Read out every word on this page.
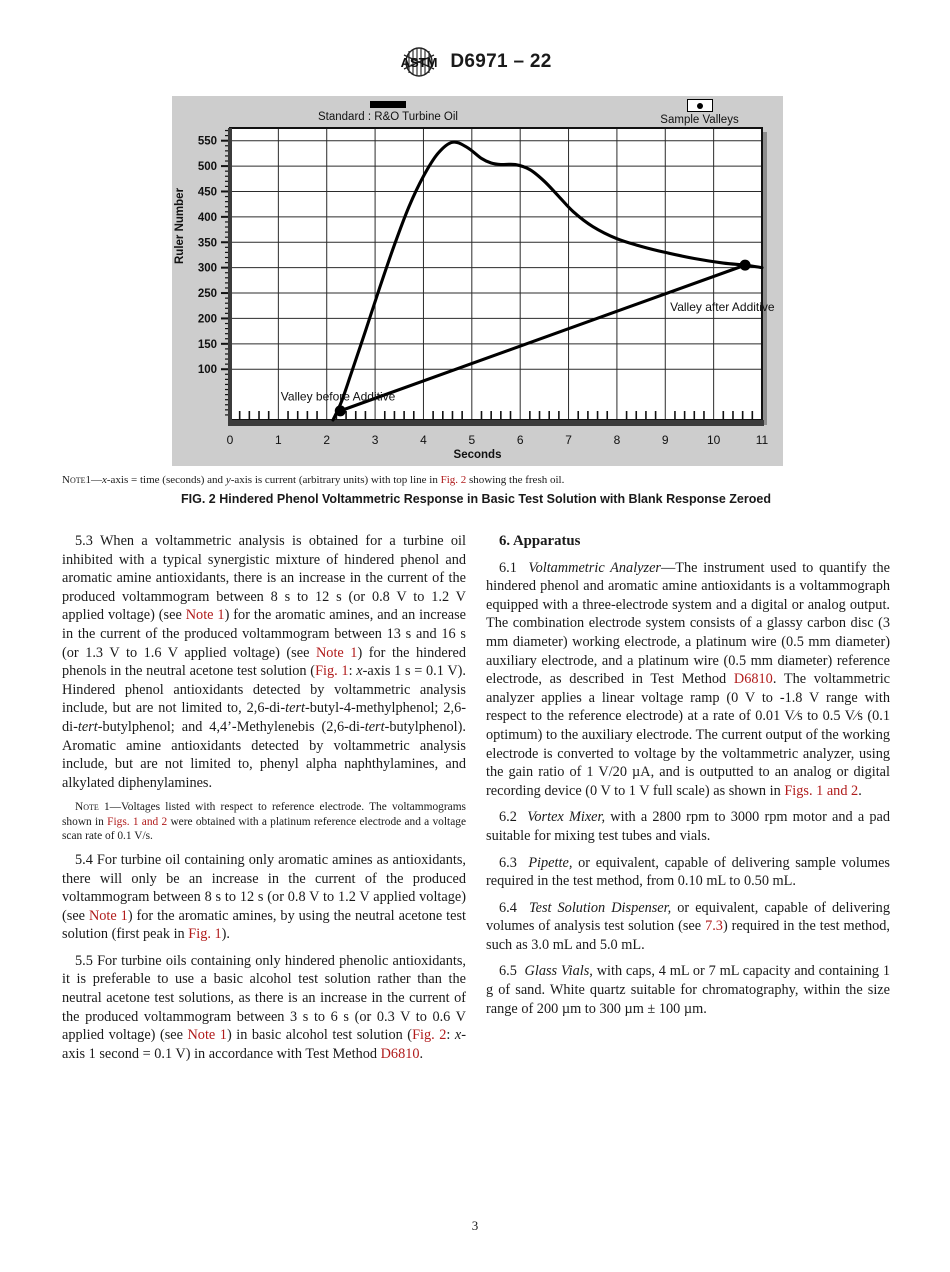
ASTM D6971 – 22
Standard : R&O Turbine Oil	Sample Valleys
Ruler Number
Seconds
100
150
200
250
300
350
400
450
500
550
0	1	2	3	4	5	6	7	8	9	10	11
Valley before Additive
Valley after Additive
Note1—x-axis = time (seconds) and y-axis is current (arbitrary units) with top line in Fig. 2 showing the fresh oil.
FIG. 2 Hindered Phenol Voltammetric Response in Basic Test Solution with Blank Response Zeroed

5.3 When a voltammetric analysis is obtained for a turbine oil inhibited with a typical synergistic mixture of hindered phenol and aromatic amine antioxidants, there is an increase in the current of the produced voltammogram between 8 s to 12 s (or 0.8 V to 1.2 V applied voltage) (see Note 1) for the aromatic amines, and an increase in the current of the produced voltammogram between 13 s and 16 s (or 1.3 V to 1.6 V applied voltage) (see Note 1) for the hindered phenols in the neutral acetone test solution (Fig. 1: x-axis 1 s = 0.1 V). Hindered phenol antioxidants detected by voltammetric analysis include, but are not limited to, 2,6-di-tert-butyl-4-methylphenol; 2,6-di-tert-butylphenol; and 4,4’-Methylenebis (2,6-di-tert-butylphenol). Aromatic amine antioxidants detected by voltammetric analysis include, but are not limited to, phenyl alpha naphthylamines, and alkylated diphenylamines.

Note 1—Voltages listed with respect to reference electrode. The voltammograms shown in Figs. 1 and 2 were obtained with a platinum reference electrode and a voltage scan rate of 0.1 V/s.

5.4 For turbine oil containing only aromatic amines as antioxidants, there will only be an increase in the current of the produced voltammogram between 8 s to 12 s (or 0.8 V to 1.2 V applied voltage) (see Note 1) for the aromatic amines, by using the neutral acetone test solution (first peak in Fig. 1).

5.5 For turbine oils containing only hindered phenolic antioxidants, it is preferable to use a basic alcohol test solution rather than the neutral acetone test solutions, as there is an increase in the current of the produced voltammogram between 3 s to 6 s (or 0.3 V to 0.6 V applied voltage) (see Note 1) in basic alcohol test solution (Fig. 2: x-axis 1 second = 0.1 V) in accordance with Test Method D6810.

6. Apparatus

6.1 Voltammetric Analyzer—The instrument used to quantify the hindered phenol and aromatic amine antioxidants is a voltammograph equipped with a three-electrode system and a digital or analog output. The combination electrode system consists of a glassy carbon disc (3 mm diameter) working electrode, a platinum wire (0.5 mm diameter) auxiliary electrode, and a platinum wire (0.5 mm diameter) reference electrode, as described in Test Method D6810. The voltammetric analyzer applies a linear voltage ramp (0 V to -1.8 V range with respect to the reference electrode) at a rate of 0.01 V⁄s to 0.5 V⁄s (0.1 optimum) to the auxiliary electrode. The current output of the working electrode is converted to voltage by the voltammetric analyzer, using the gain ratio of 1 V/20 µA, and is outputted to an analog or digital recording device (0 V to 1 V full scale) as shown in Figs. 1 and 2.

6.2 Vortex Mixer, with a 2800 rpm to 3000 rpm motor and a pad suitable for mixing test tubes and vials.

6.3 Pipette, or equivalent, capable of delivering sample volumes required in the test method, from 0.10 mL to 0.50 mL.

6.4 Test Solution Dispenser, or equivalent, capable of delivering volumes of analysis test solution (see 7.3) required in the test method, such as 3.0 mL and 5.0 mL.

6.5 Glass Vials, with caps, 4 mL or 7 mL capacity and containing 1 g of sand. White quartz suitable for chromatography, within the size range of 200 µm to 300 µm ± 100 µm.

3
